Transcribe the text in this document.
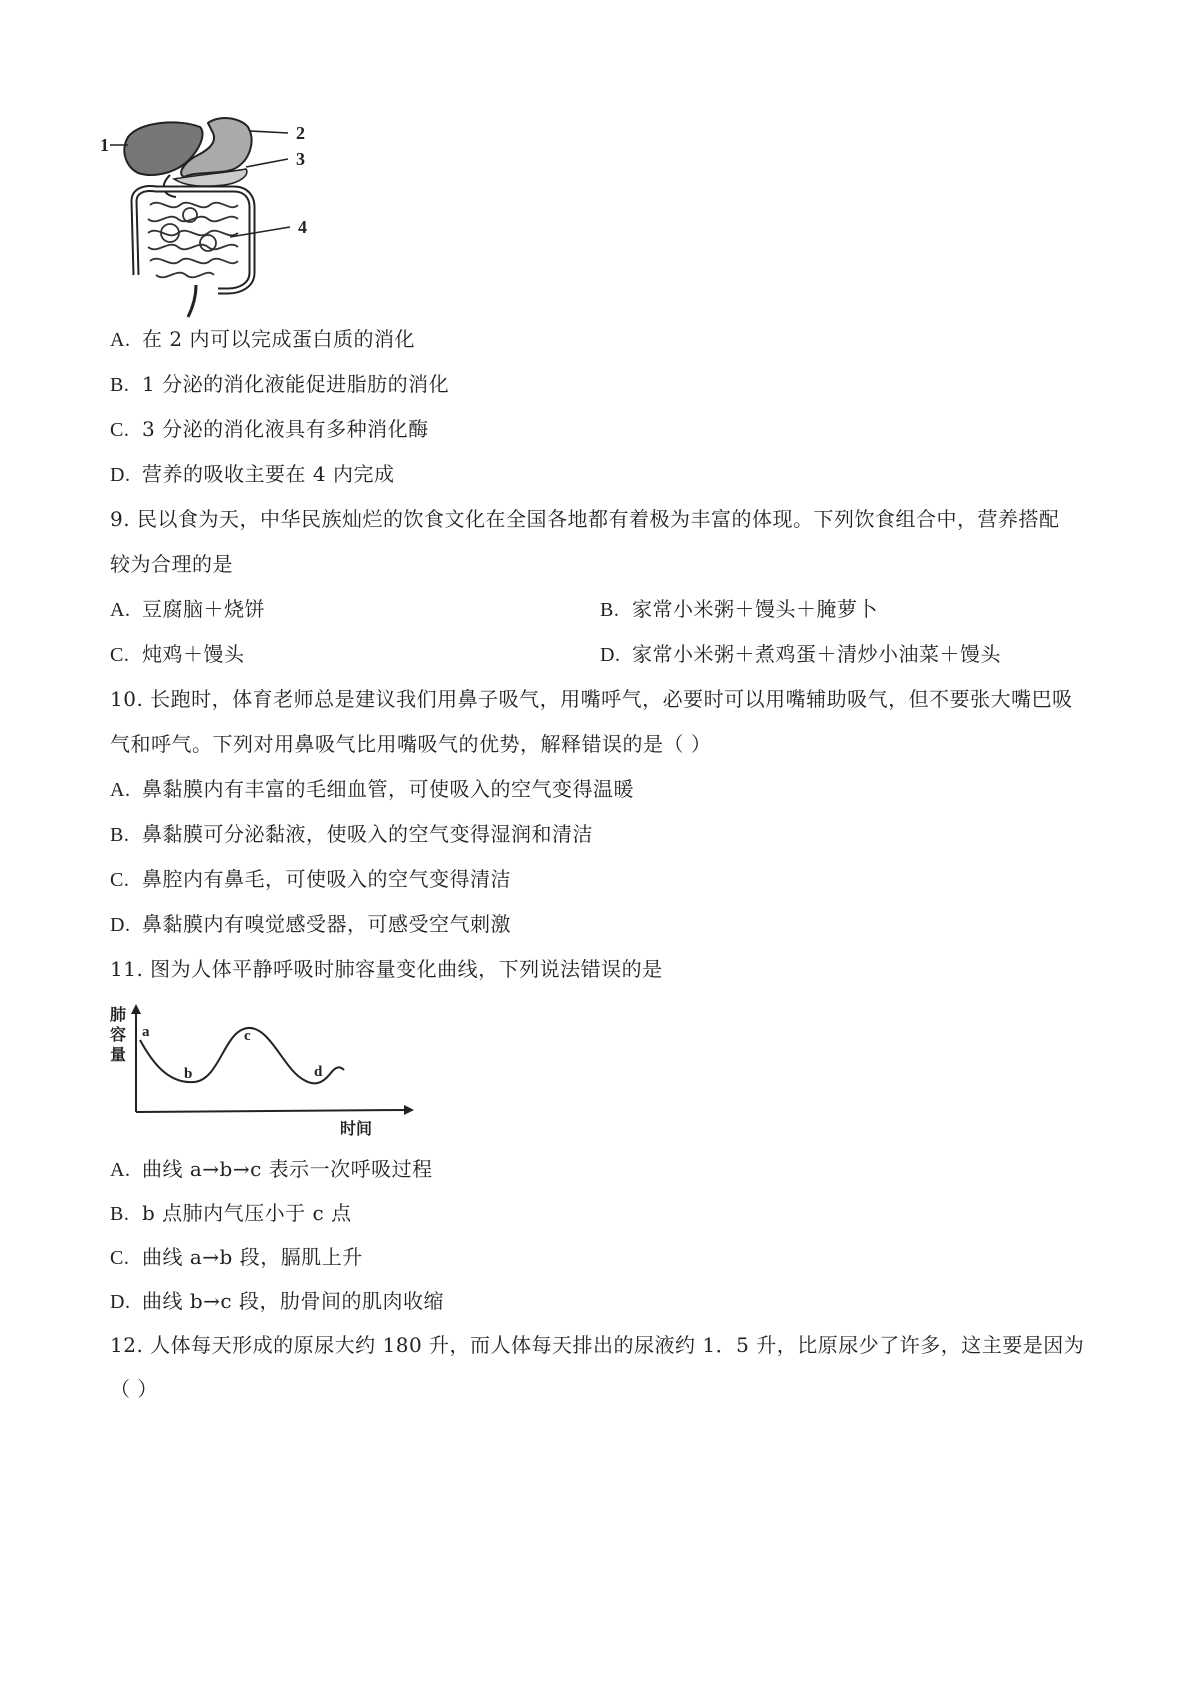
1
2
3
4
A. 在 2 内可以完成蛋白质的消化
B. 1 分泌的消化液能促进脂肪的消化
C. 3 分泌的消化液具有多种消化酶
D. 营养的吸收主要在 4 内完成
9. 民以食为天，中华民族灿烂的饮食文化在全国各地都有着极为丰富的体现。下列饮食组合中，营养搭配
较为合理的是
A. 豆腐脑＋烧饼	B. 家常小米粥＋馒头＋腌萝卜
C. 炖鸡＋馒头	D. 家常小米粥＋煮鸡蛋＋清炒小油菜＋馒头
10. 长跑时，体育老师总是建议我们用鼻子吸气，用嘴呼气，必要时可以用嘴辅助吸气，但不要张大嘴巴吸
气和呼气。下列对用鼻吸气比用嘴吸气的优势，解释错误的是（ ）
A. 鼻黏膜内有丰富的毛细血管，可使吸入的空气变得温暖
B. 鼻黏膜可分泌黏液，使吸入的空气变得湿润和清洁
C. 鼻腔内有鼻毛，可使吸入的空气变得清洁
D. 鼻黏膜内有嗅觉感受器，可感受空气刺激
11. 图为人体平静呼吸时肺容量变化曲线，下列说法错误的是
肺
容
量
时间
a
b
c
d
A. 曲线 a→b→c 表示一次呼吸过程
B. b 点肺内气压小于 c 点
C. 曲线 a→b 段，膈肌上升
D. 曲线 b→c 段，肋骨间的肌肉收缩
12. 人体每天形成的原尿大约 180 升，而人体每天排出的尿液约 1．5 升，比原尿少了许多，这主要是因为
（ ）
